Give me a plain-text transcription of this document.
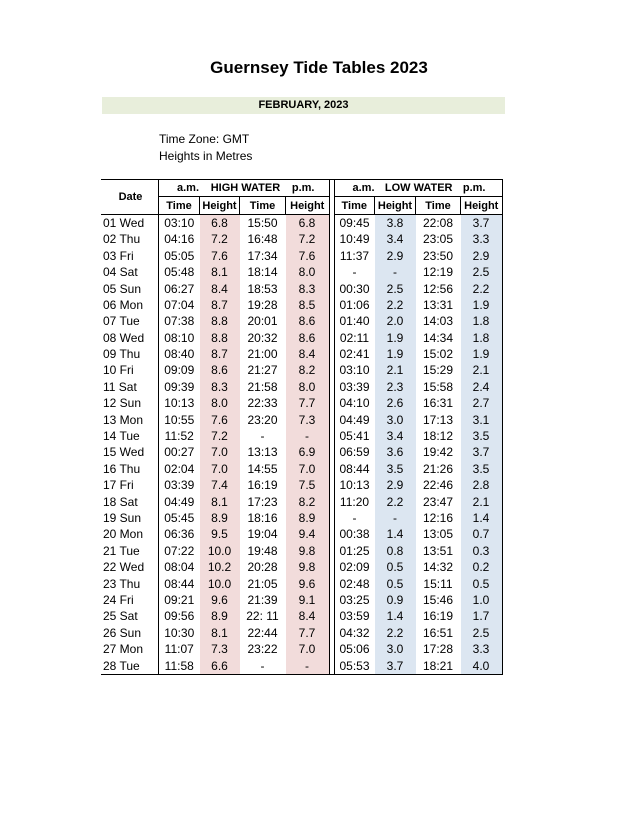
Guernsey Tide Tables 2023
FEBRUARY, 2023
Time Zone: GMT
Heights in Metres
Date	a.m. HIGH WATER p.m.					a.m. LOW WATER p.m.			

	Time	Height	Time	Height		Time	Height	Time	Height
01 Wed	03:10	6.8	15:50	6.8		09:45	3.8	22:08	3.7
02 Thu	04:16	7.2	16:48	7.2		10:49	3.4	23:05	3.3
03 Fri	05:05	7.6	17:34	7.6		11:37	2.9	23:50	2.9
04 Sat	05:48	8.1	18:14	8.0		-	-	12:19	2.5
05 Sun	06:27	8.4	18:53	8.3		00:30	2.5	12:56	2.2
06 Mon	07:04	8.7	19:28	8.5		01:06	2.2	13:31	1.9
07 Tue	07:38	8.8	20:01	8.6		01:40	2.0	14:03	1.8
08 Wed	08:10	8.8	20:32	8.6		02:11	1.9	14:34	1.8
09 Thu	08:40	8.7	21:00	8.4		02:41	1.9	15:02	1.9
10 Fri	09:09	8.6	21:27	8.2		03:10	2.1	15:29	2.1
11 Sat	09:39	8.3	21:58	8.0		03:39	2.3	15:58	2.4
12 Sun	10:13	8.0	22:33	7.7		04:10	2.6	16:31	2.7
13 Mon	10:55	7.6	23:20	7.3		04:49	3.0	17:13	3.1
14 Tue	11:52	7.2	-	-		05:41	3.4	18:12	3.5
15 Wed	00:27	7.0	13:13	6.9		06:59	3.6	19:42	3.7
16 Thu	02:04	7.0	14:55	7.0		08:44	3.5	21:26	3.5
17 Fri	03:39	7.4	16:19	7.5		10:13	2.9	22:46	2.8
18 Sat	04:49	8.1	17:23	8.2		11:20	2.2	23:47	2.1
19 Sun	05:45	8.9	18:16	8.9		-	-	12:16	1.4
20 Mon	06:36	9.5	19:04	9.4		00:38	1.4	13:05	0.7
21 Tue	07:22	10.0	19:48	9.8		01:25	0.8	13:51	0.3
22 Wed	08:04	10.2	20:28	9.8		02:09	0.5	14:32	0.2
23 Thu	08:44	10.0	21:05	9.6		02:48	0.5	15:11	0.5
24 Fri	09:21	9.6	21:39	9.1		03:25	0.9	15:46	1.0
25 Sat	09:56	8.9	22: 11	8.4		03:59	1.4	16:19	1.7
26 Sun	10:30	8.1	22:44	7.7		04:32	2.2	16:51	2.5
27 Mon	11:07	7.3	23:22	7.0		05:06	3.0	17:28	3.3
28 Tue	11:58	6.6	-	-		05:53	3.7	18:21	4.0
